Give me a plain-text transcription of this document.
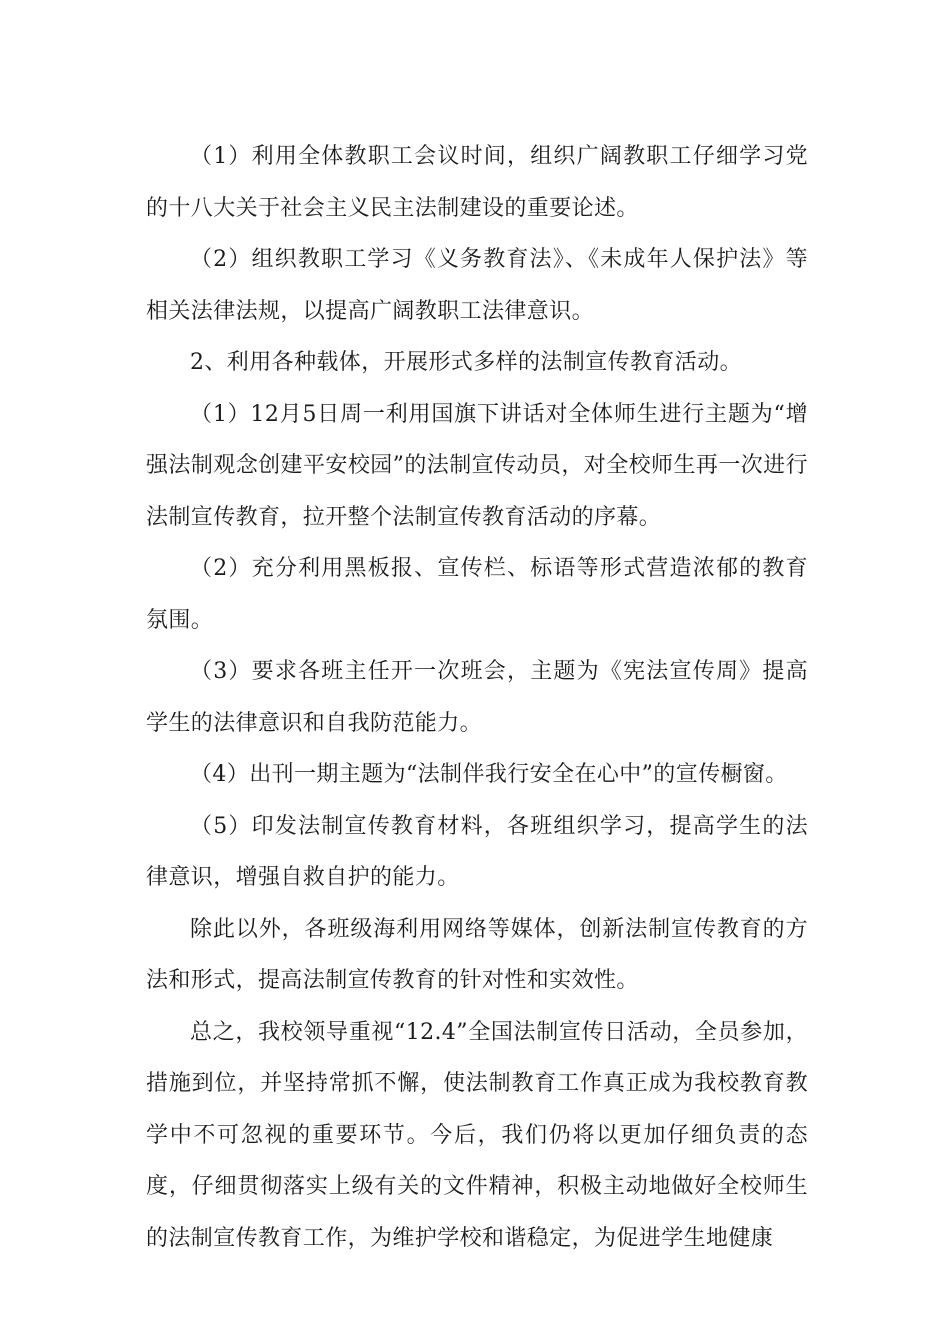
（1）利用全体教职工会议时间，组织广阔教职工仔细学习党的十八大关于社会主义民主法制建设的重要论述。

（2）组织教职工学习《义务教育法》、《未成年人保护法》等相关法律法规，以提高广阔教职工法律意识。

2、利用各种载体，开展形式多样的法制宣传教育活动。

（1）12月5日周一利用国旗下讲话对全体师生进行主题为“增强法制观念创建平安校园”的法制宣传动员，对全校师生再一次进行法制宣传教育，拉开整个法制宣传教育活动的序幕。

（2）充分利用黑板报、宣传栏、标语等形式营造浓郁的教育氛围。

（3）要求各班主任开一次班会，主题为《宪法宣传周》提高学生的法律意识和自我防范能力。

（4）出刊一期主题为“法制伴我行安全在心中”的宣传橱窗。

（5）印发法制宣传教育材料，各班组织学习，提高学生的法律意识，增强自救自护的能力。

除此以外，各班级海利用网络等媒体，创新法制宣传教育的方法和形式，提高法制宣传教育的针对性和实效性。

总之，我校领导重视“12.4”全国法制宣传日活动，全员参加，措施到位，并坚持常抓不懈，使法制教育工作真正成为我校教育教学中不可忽视的重要环节。今后，我们仍将以更加仔细负责的态度，仔细贯彻落实上级有关的文件精神，积极主动地做好全校师生的法制宣传教育工作，为维护学校和谐稳定，为促进学生地健康
